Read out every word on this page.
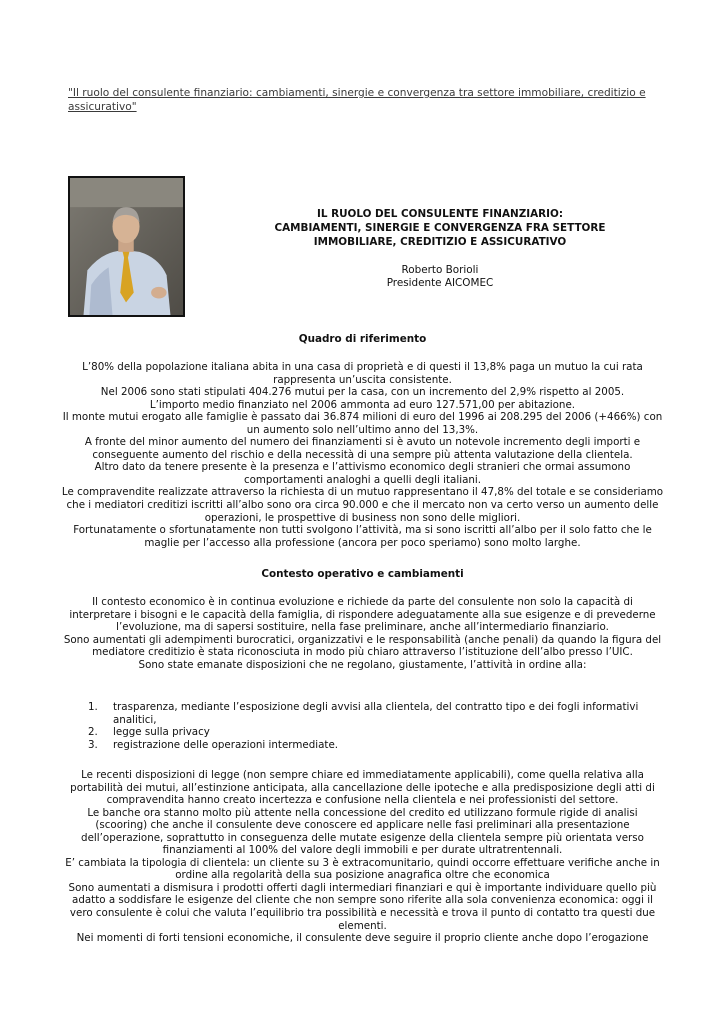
"Il ruolo del consulente finanziario: cambiamenti, sinergie e convergenza tra settore immobiliare, creditizio e assicurativo"
IL RUOLO DEL CONSULENTE FINANZIARIO:
CAMBIAMENTI, SINERGIE E CONVERGENZA FRA SETTORE
IMMOBILIARE, CREDITIZIO E ASSICURATIVO
Roberto Borioli
Presidente AICOMEC
Quadro di riferimento

L’80% della popolazione italiana abita in una casa di proprietà e di questi il 13,8% paga un mutuo la cui rata rappresenta un’uscita consistente.

Nel 2006 sono stati stipulati 404.276 mutui per la casa, con un incremento del 2,9% rispetto al 2005.

L’importo medio finanziato nel 2006 ammonta ad euro 127.571,00 per abitazione.

Il monte mutui erogato alle famiglie è passato dai 36.874 milioni di euro del 1996 ai 208.295 del 2006 (+466%) con un aumento solo nell’ultimo anno del 13,3%.

A fronte del minor aumento del numero dei finanziamenti si è avuto un notevole incremento degli importi e conseguente aumento del rischio e della necessità di una sempre più attenta valutazione della clientela.

Altro dato da tenere presente è la presenza e l’attivismo economico degli stranieri che ormai assumono comportamenti analoghi a quelli degli italiani.

Le compravendite realizzate attraverso la richiesta di un mutuo rappresentano il 47,8% del totale e se consideriamo che i mediatori creditizi iscritti all’albo sono ora circa 90.000 e che il mercato non va certo verso un aumento delle operazioni, le prospettive di business non sono delle migliori.

Fortunatamente o sfortunatamente non tutti svolgono l’attività, ma si sono iscritti all’albo per il solo fatto che le maglie per l’accesso alla professione (ancora per poco speriamo) sono molto larghe.

Contesto operativo e cambiamenti

Il contesto economico è in continua evoluzione e richiede da parte del consulente non solo la capacità di interpretare i bisogni e le capacità della famiglia, di rispondere adeguatamente alla sue esigenze e di prevederne l’evoluzione, ma di sapersi sostituire, nella fase preliminare, anche all’intermediario finanziario.

Sono aumentati gli adempimenti burocratici, organizzativi e le responsabilità (anche penali) da quando la figura del mediatore creditizio è stata riconosciuta in modo più chiaro attraverso l’istituzione dell’albo presso l’UIC.

Sono state emanate disposizioni che ne regolano, giustamente, l’attività in ordine alla:

1.	trasparenza, mediante l’esposizione degli avvisi alla clientela, del contratto tipo e dei fogli informativi analitici,
2.	legge sulla privacy
3.	registrazione delle operazioni intermediate.

Le recenti disposizioni di legge (non sempre chiare ed immediatamente applicabili), come quella relativa alla portabilità dei mutui, all’estinzione anticipata, alla cancellazione delle ipoteche e alla predisposizione degli atti di compravendita hanno creato incertezza e confusione nella clientela e nei professionisti del settore.

Le banche ora stanno molto più attente nella concessione del credito ed utilizzano formule rigide di analisi (scooring) che anche il consulente deve conoscere ed applicare nelle fasi preliminari alla presentazione dell’operazione, soprattutto in conseguenza delle mutate esigenze della clientela sempre più orientata verso finanziamenti al 100% del valore degli immobili e per durate ultratrentennali.

E’ cambiata la tipologia di clientela: un cliente su 3 è extracomunitario, quindi occorre effettuare verifiche anche in ordine alla regolarità della sua posizione anagrafica oltre che economica

Sono aumentati a dismisura i prodotti offerti dagli intermediari finanziari e qui è importante individuare quello più adatto a soddisfare le esigenze del cliente che non sempre sono riferite alla sola convenienza economica: oggi il vero consulente è colui che valuta l’equilibrio tra possibilità e necessità e trova il punto di contatto tra questi due elementi.

Nei momenti di forti tensioni economiche, il consulente deve seguire il proprio cliente anche dopo l’erogazione
